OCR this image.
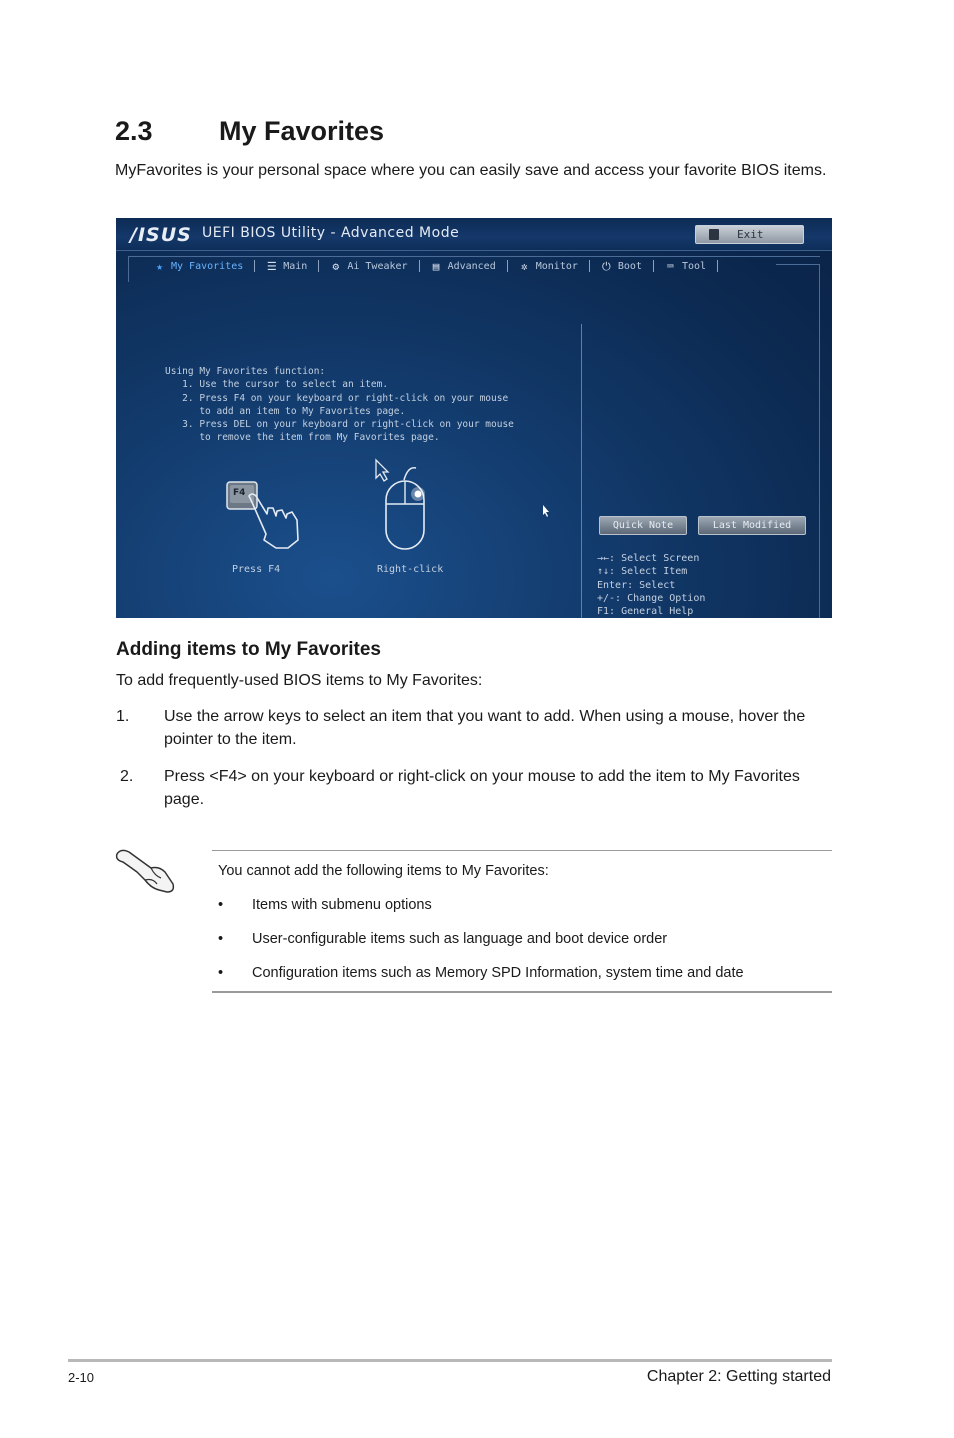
2.3	My Favorites
MyFavorites is your personal space where you can easily save and access your favorite BIOS items.
/ISUS UEFI BIOS Utility - Advanced Mode	Exit
★ My Favorites ☰ Main ⚙ Ai Tweaker ▤ Advanced ✲ Monitor ⏻ Boot ⌨ Tool
Using My Favorites function:
1. Use the cursor to select an item.
2. Press F4 on your keyboard or right-click on your mouse
to add an item to My Favorites page.
3. Press DEL on your keyboard or right-click on your mouse
to remove the item from My Favorites page.
F4
Press F4	Right-click
Quick Note	Last Modified
→←: Select Screen
↑↓: Select Item
Enter: Select
+/-: Change Option
F1: General Help
Adding items to My Favorites
To add frequently-used BIOS items to My Favorites:
1.	Use the arrow keys to select an item that you want to add. When using a mouse, hover the pointer to the item.
2.	Press <F4> on your keyboard or right-click on your mouse to add the item to My Favorites page.
You cannot add the following items to My Favorites:
•	Items with submenu options
•	User-configurable items such as language and boot device order
•	Configuration items such as Memory SPD Information, system time and date
2-10	Chapter 2: Getting started
